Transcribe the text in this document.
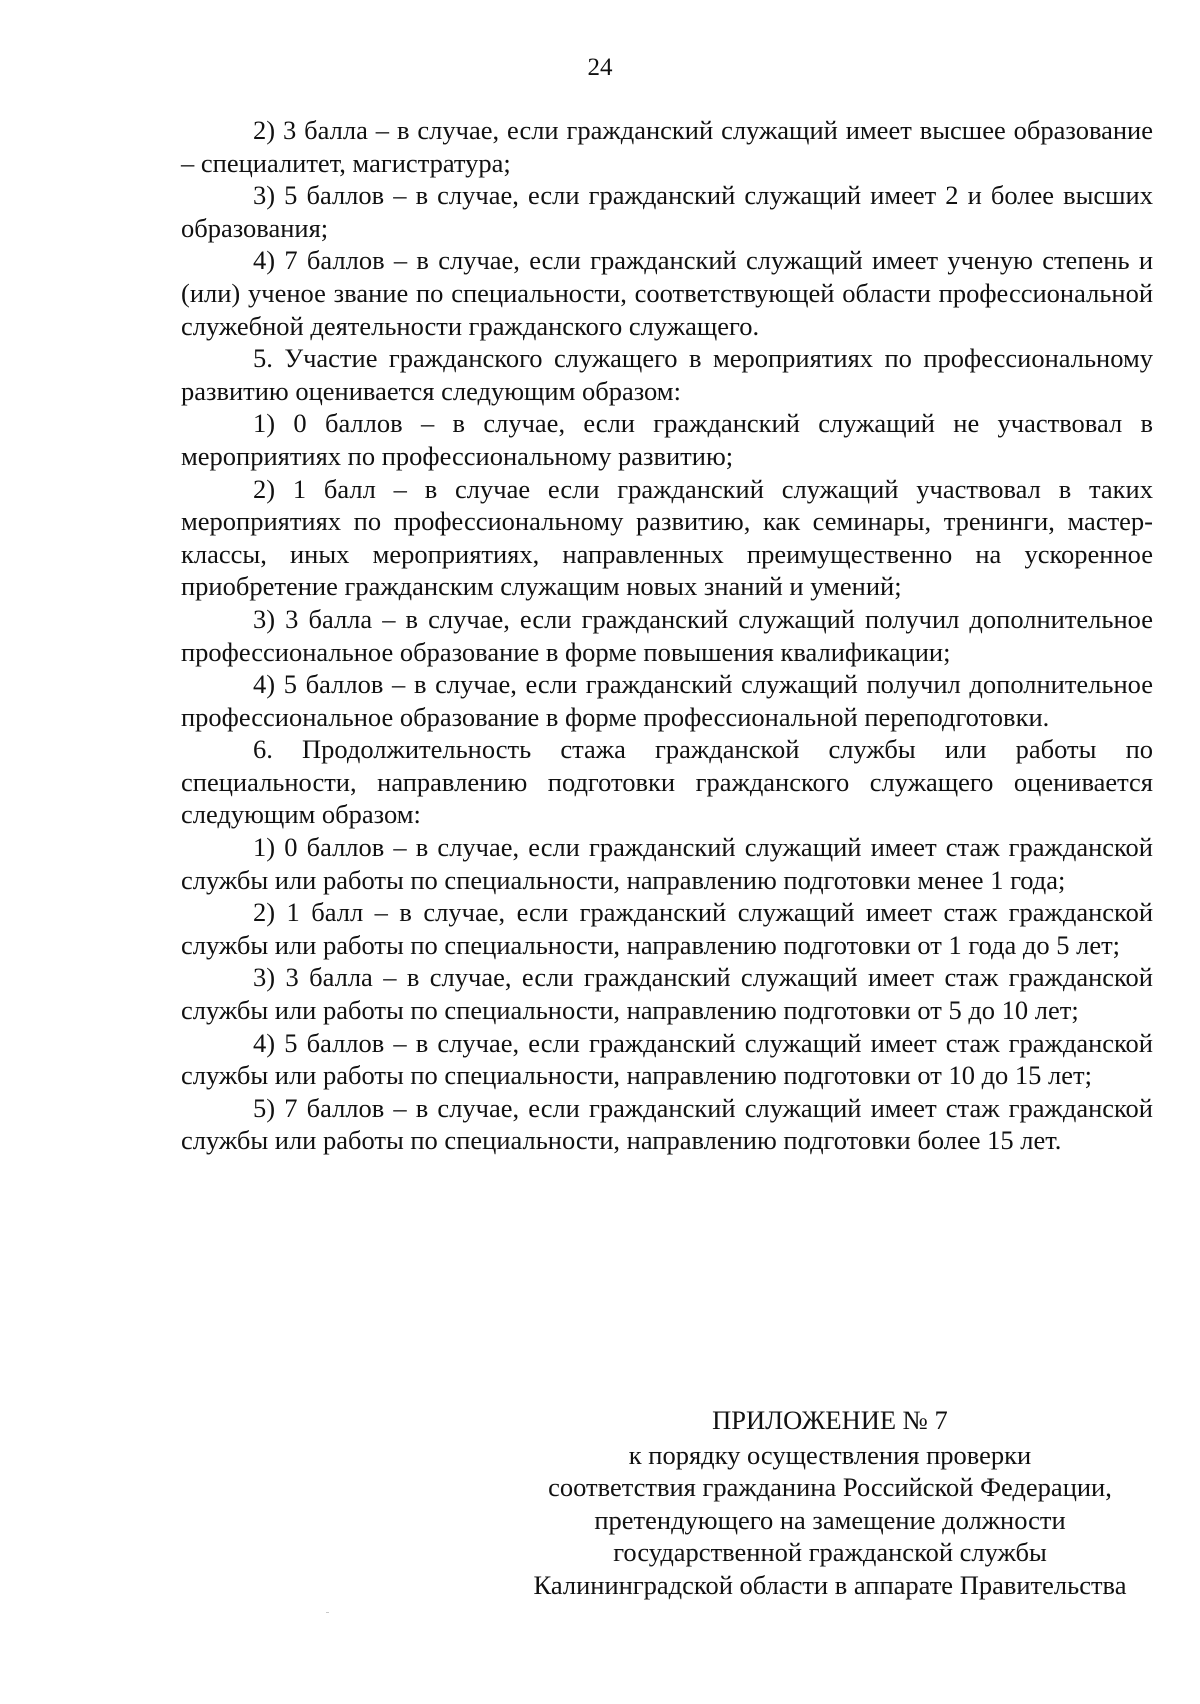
24

2) 3 балла – в случае, если гражданский служащий имеет высшее образование – специалитет, магистратура;

3) 5 баллов – в случае, если гражданский служащий имеет 2 и более высших образования;

4) 7 баллов – в случае, если гражданский служащий имеет ученую степень и (или) ученое звание по специальности, соответствующей области профессиональной служебной деятельности гражданского служащего.

5. Участие гражданского служащего в мероприятиях по профессиональному развитию оценивается следующим образом:

1) 0 баллов – в случае, если гражданский служащий не участвовал в мероприятиях по профессиональному развитию;

2) 1 балл – в случае если гражданский служащий участвовал в таких мероприятиях по профессиональному развитию, как семинары, тренинги, мастер-классы, иных мероприятиях, направленных преимущественно на ускоренное приобретение гражданским служащим новых знаний и умений;

3) 3 балла – в случае, если гражданский служащий получил дополнительное профессиональное образование в форме повышения квалификации;

4) 5 баллов – в случае, если гражданский служащий получил дополнительное профессиональное образование в форме профессиональной переподготовки.

6. Продолжительность стажа гражданской службы или работы по специальности, направлению подготовки гражданского служащего оценивается следующим образом:

1) 0 баллов – в случае, если гражданский служащий имеет стаж гражданской службы или работы по специальности, направлению подготовки менее 1 года;

2) 1 балл – в случае, если гражданский служащий имеет стаж гражданской службы или работы по специальности, направлению подготовки от 1 года до 5 лет;

3) 3 балла – в случае, если гражданский служащий имеет стаж гражданской службы или работы по специальности, направлению подготовки от 5 до 10 лет;

4) 5 баллов – в случае, если гражданский служащий имеет стаж гражданской службы или работы по специальности, направлению подготовки от 10 до 15 лет;

5) 7 баллов – в случае, если гражданский служащий имеет стаж гражданской службы или работы по специальности, направлению подготовки более 15 лет.

ПРИЛОЖЕНИЕ № 7
к порядку осуществления проверки
соответствия гражданина Российской Федерации,
претендующего на замещение должности
государственной гражданской службы
Калининградской области в аппарате Правительства
